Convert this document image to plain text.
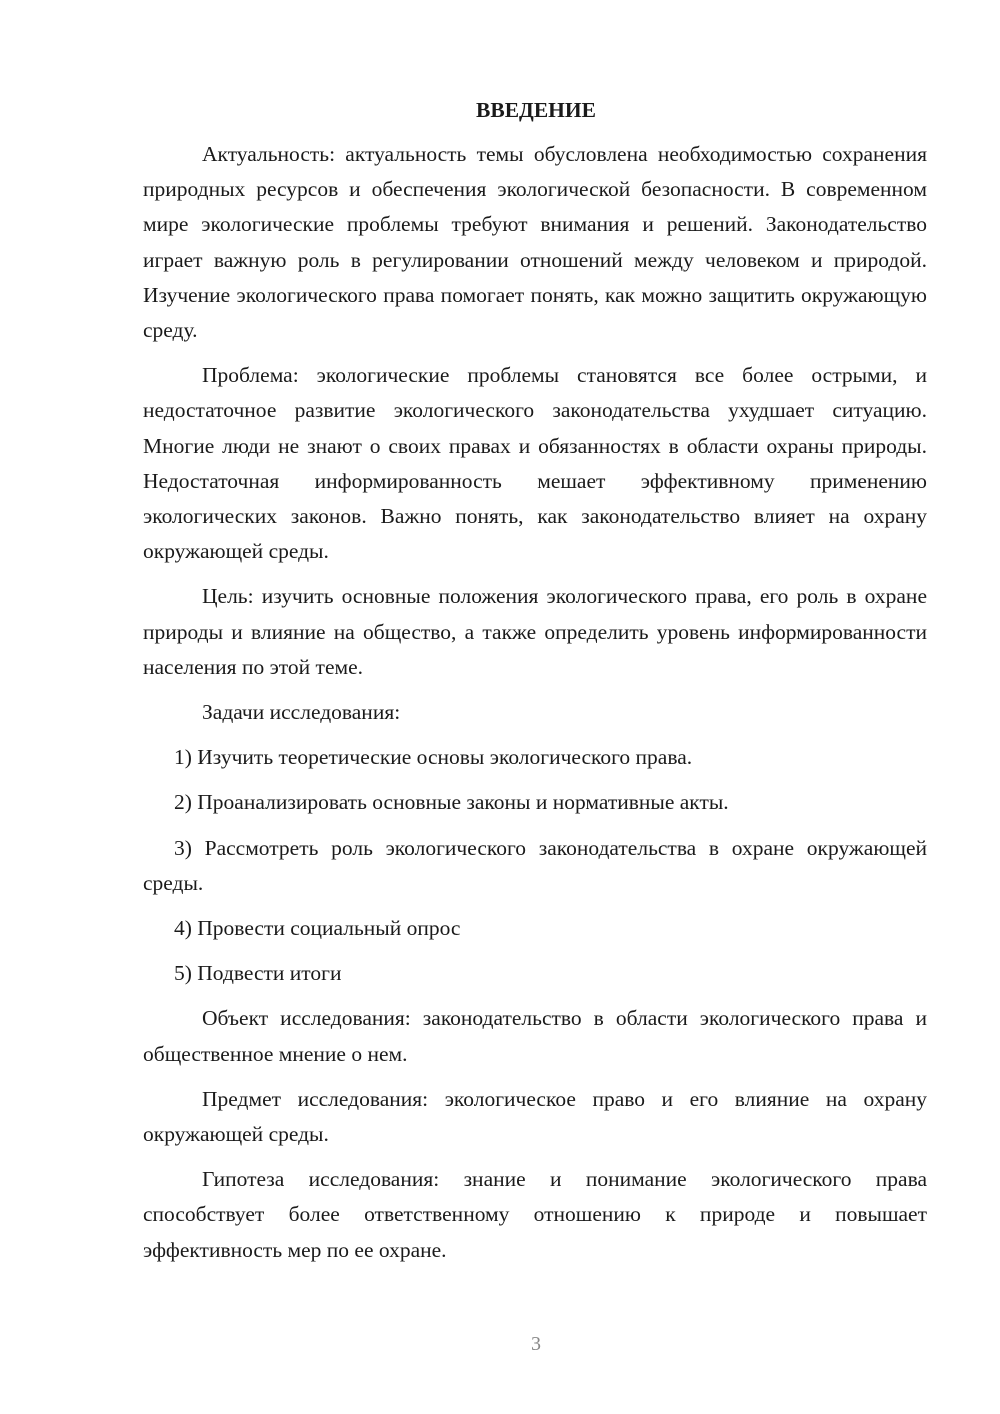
ВВЕДЕНИЕ

Актуальность: актуальность темы обусловлена необходимостью сохранения природных ресурсов и обеспечения экологической безопасности. В современном мире экологические проблемы требуют внимания и решений. Законодательство играет важную роль в регулировании отношений между человеком и природой. Изучение экологического права помогает понять, как можно защитить окружающую среду.

Проблема: экологические проблемы становятся все более острыми, и недостаточное развитие экологического законодательства ухудшает ситуацию. Многие люди не знают о своих правах и обязанностях в области охраны природы. Недостаточная информированность мешает эффективному применению экологических законов. Важно понять, как законодательство влияет на охрану окружающей среды.

Цель: изучить основные положения экологического права, его роль в охране природы и влияние на общество, а также определить уровень информированности населения по этой теме.

Задачи исследования:

1) Изучить теоретические основы экологического права.

2) Проанализировать основные законы и нормативные акты.

3) Рассмотреть роль экологического законодательства в охране окружающей среды.

4) Провести социальный опрос

5) Подвести итоги

Объект исследования: законодательство в области экологического права и общественное мнение о нем.

Предмет исследования: экологическое право и его влияние на охрану окружающей среды.

Гипотеза исследования: знание и понимание экологического права способствует более ответственному отношению к природе и повышает эффективность мер по ее охране.

3
